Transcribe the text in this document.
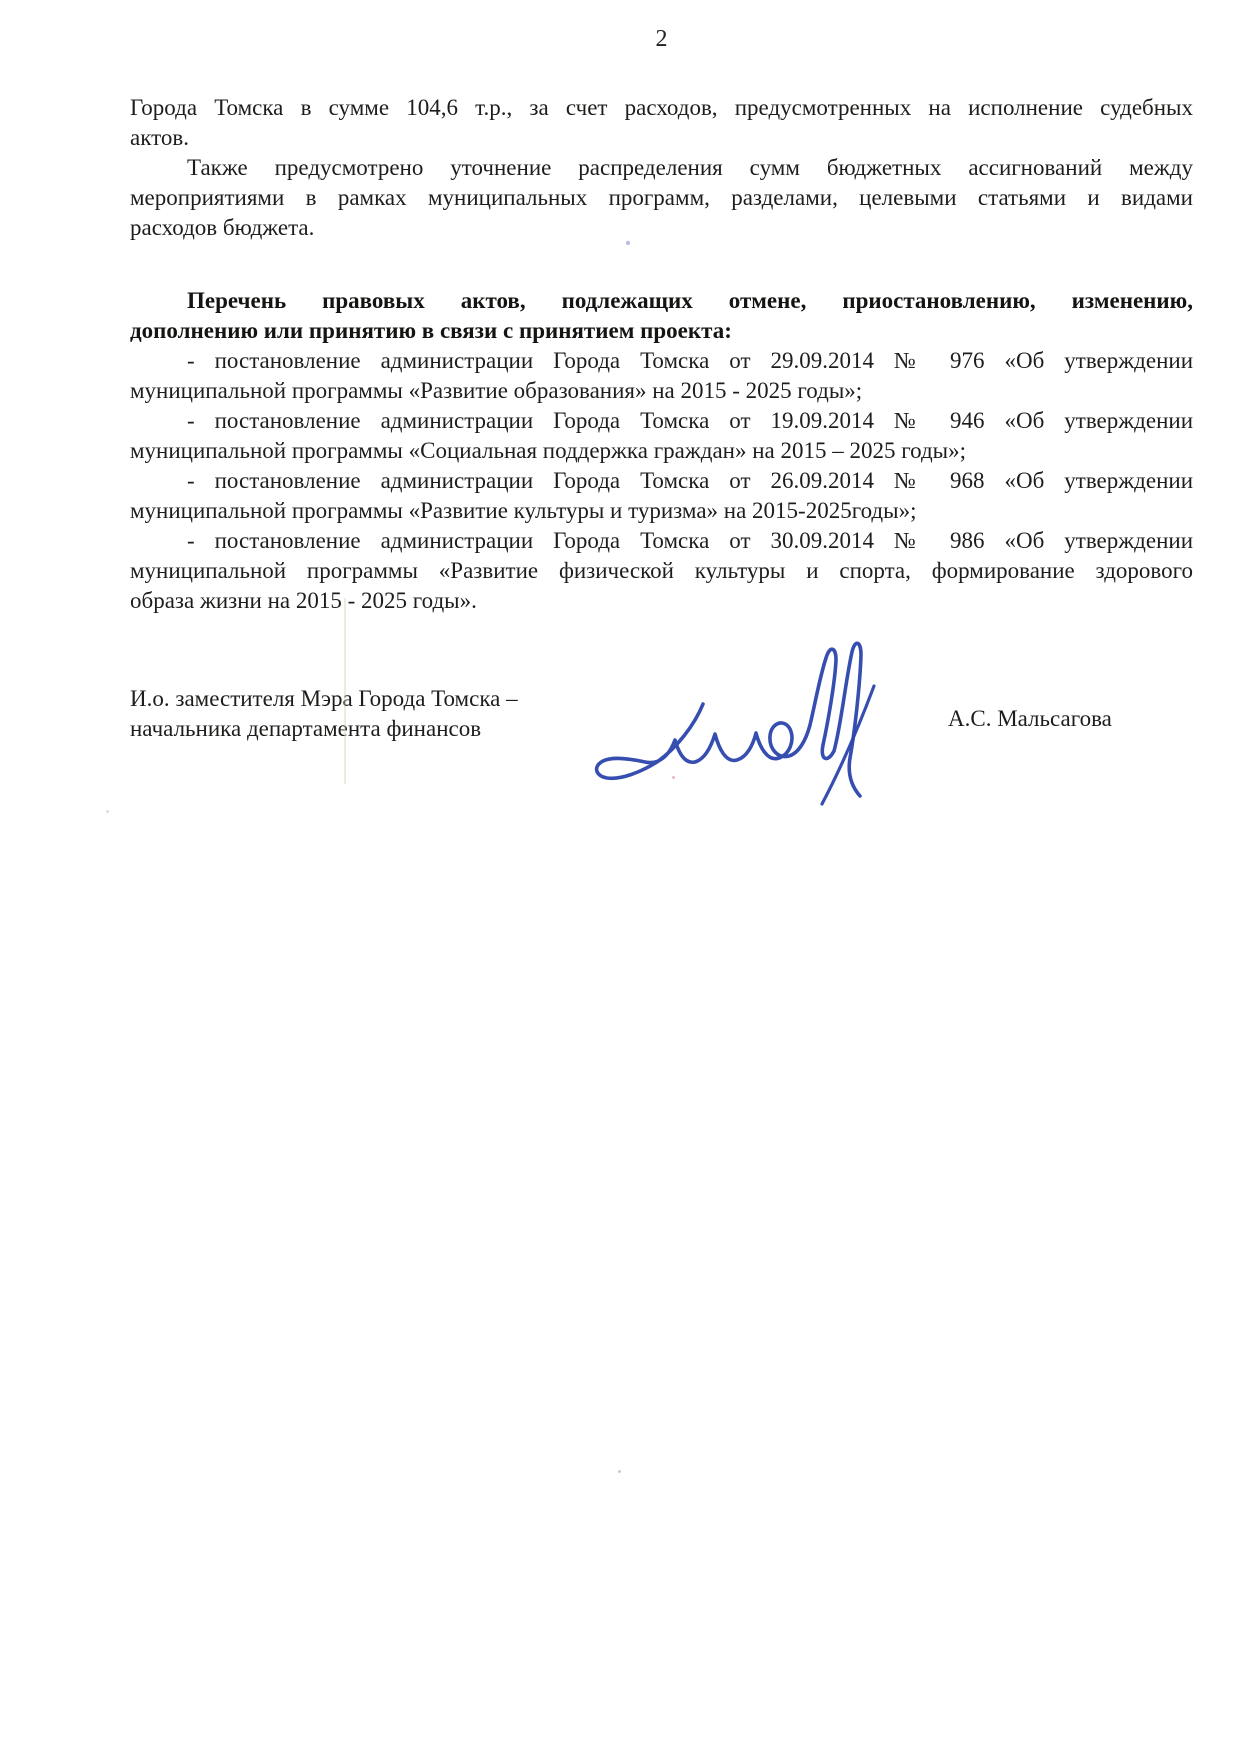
2

Города Томска в сумме 104,6 т.р., за счет расходов, предусмотренных на исполнение судебных
актов.

Также предусмотрено уточнение распределения сумм бюджетных ассигнований между
мероприятиями в рамках муниципальных программ, разделами, целевыми статьями и видами
расходов бюджета.

Перечень правовых актов, подлежащих отмене, приостановлению, изменению,
дополнению или принятию в связи с принятием проекта:

- постановление администрации Города Томска от 29.09.2014 № 976 «Об утверждении
муниципальной программы «Развитие образования» на 2015 - 2025 годы»;

- постановление администрации Города Томска от 19.09.2014 № 946 «Об утверждении
муниципальной программы «Социальная поддержка граждан» на 2015 – 2025 годы»;

- постановление администрации Города Томска от 26.09.2014 № 968 «Об утверждении
муниципальной программы «Развитие культуры и туризма» на 2015-2025годы»;

- постановление администрации Города Томска от 30.09.2014 № 986 «Об утверждении
муниципальной программы «Развитие физической культуры и спорта, формирование здорового
образа жизни на 2015 - 2025 годы».

И.о. заместителя Мэра Города Томска –
начальника департамента финансов	А.С. Мальсагова
